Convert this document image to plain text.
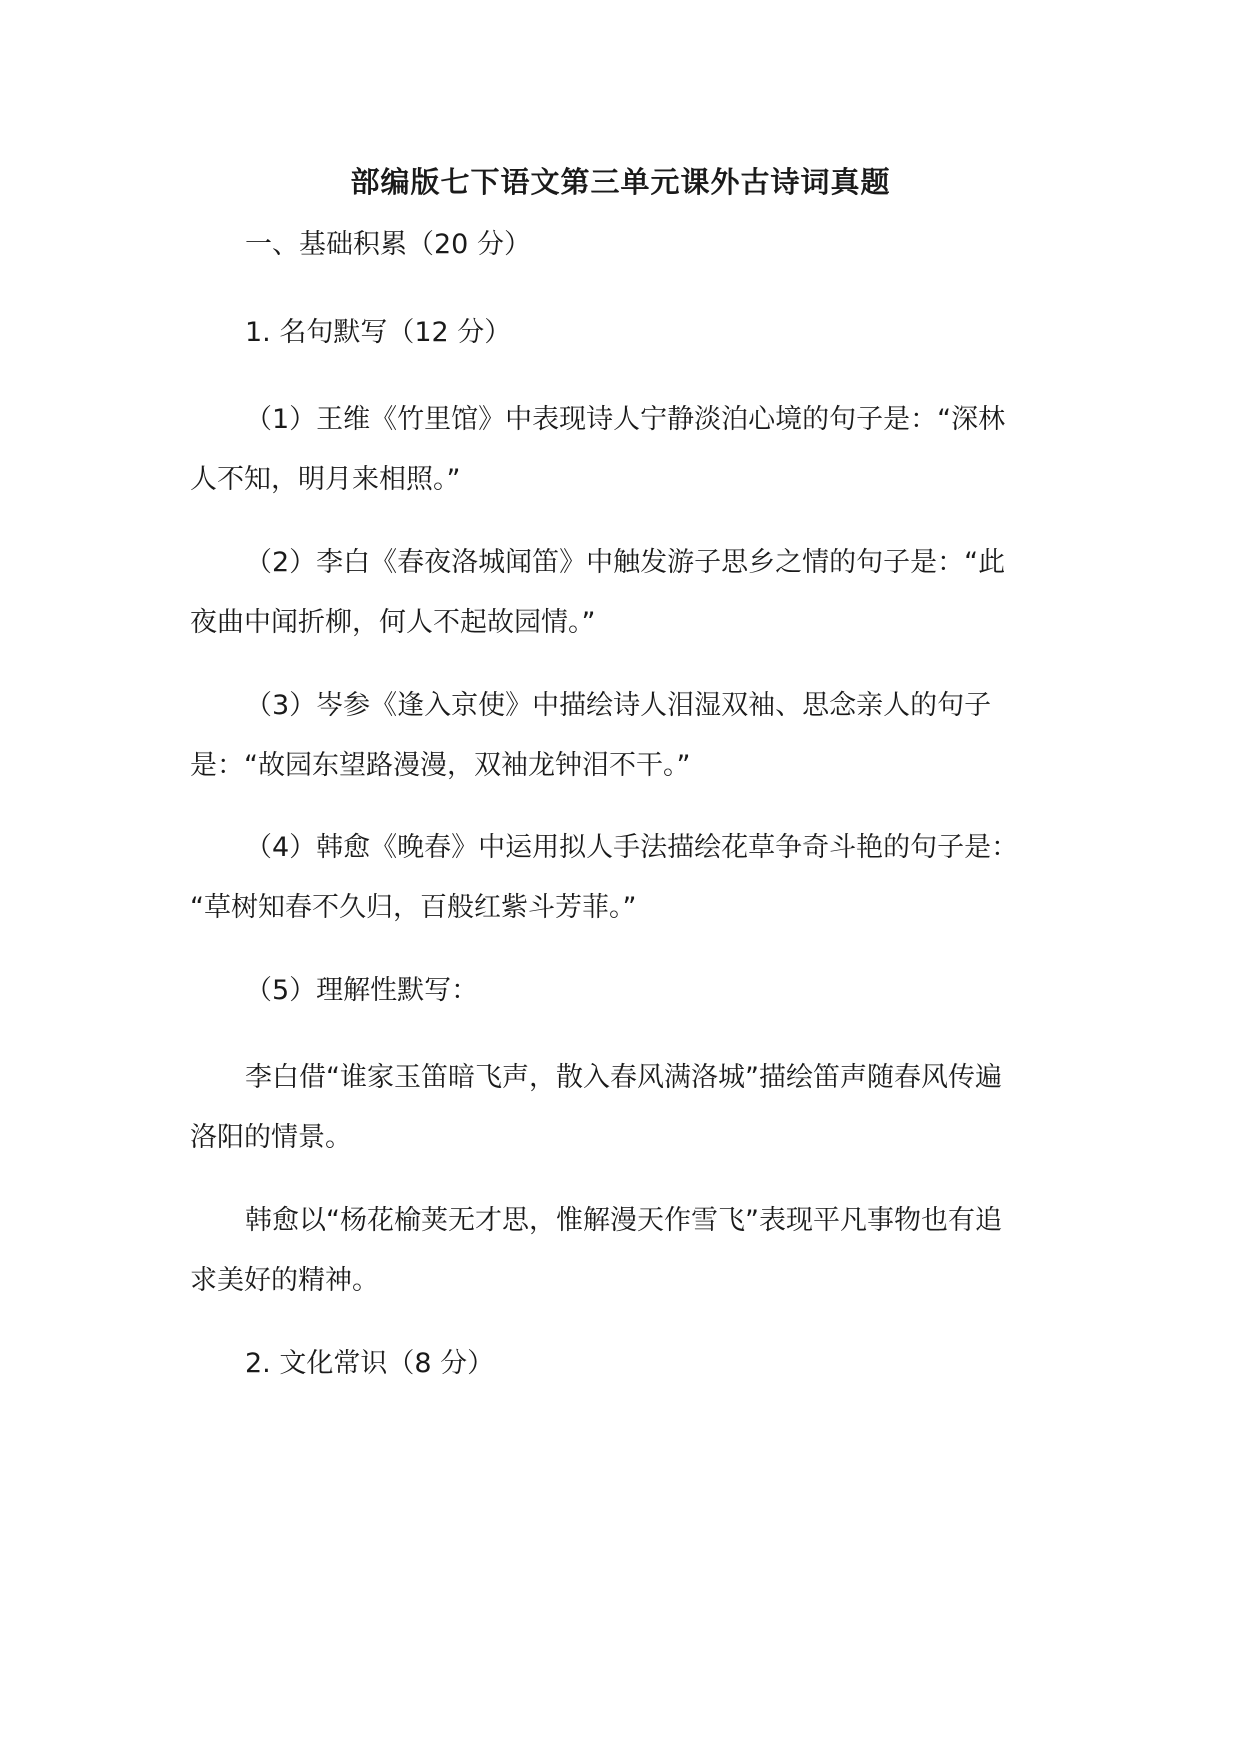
部编版七下语文第三单元课外古诗词真题

一、基础积累（20 分）

1. 名句默写（12 分）

（1）王维《竹里馆》中表现诗人宁静淡泊心境的句子是：“深林

人不知，明月来相照。”

（2）李白《春夜洛城闻笛》中触发游子思乡之情的句子是：“此

夜曲中闻折柳，何人不起故园情。”

（3）岑参《逢入京使》中描绘诗人泪湿双袖、思念亲人的句子

是：“故园东望路漫漫，双袖龙钟泪不干。”

（4）韩愈《晚春》中运用拟人手法描绘花草争奇斗艳的句子是：

“草树知春不久归，百般红紫斗芳菲。”

（5）理解性默写：

李白借“谁家玉笛暗飞声，散入春风满洛城”描绘笛声随春风传遍

洛阳的情景。

韩愈以“杨花榆荚无才思，惟解漫天作雪飞”表现平凡事物也有追

求美好的精神。

2. 文化常识（8 分）
